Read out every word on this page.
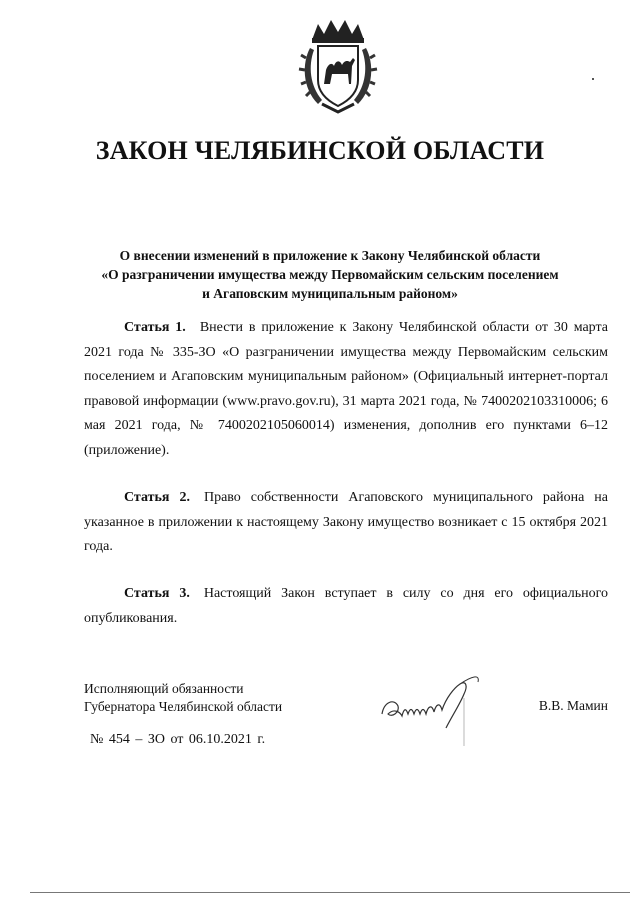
ЗАКОН ЧЕЛЯБИНСКОЙ ОБЛАСТИ
О внесении изменений в приложение к Закону Челябинской области
«О разграничении имущества между Первомайским сельским поселением
и Агаповским муниципальным районом»
Статья 1. Внести в приложение к Закону Челябинской области от 30 марта 2021 года № 335-ЗО «О разграничении имущества между Первомайским сельским поселением и Агаповским муниципальным районом» (Официальный интернет-портал правовой информации (www.pravo.gov.ru), 31 марта 2021 года, № 7400202103310006; 6 мая 2021 года, № 7400202105060014) изменения, дополнив его пунктами 6–12 (приложение).
Статья 2. Право собственности Агаповского муниципального района на указанное в приложении к настоящему Закону имущество возникает с 15 октября 2021 года.
Статья 3. Настоящий Закон вступает в силу со дня его официального опубликования.
Исполняющий обязанности
Губернатора Челябинской области	В.В. Мамин
№ 454 – ЗО от 06.10.2021 г.
